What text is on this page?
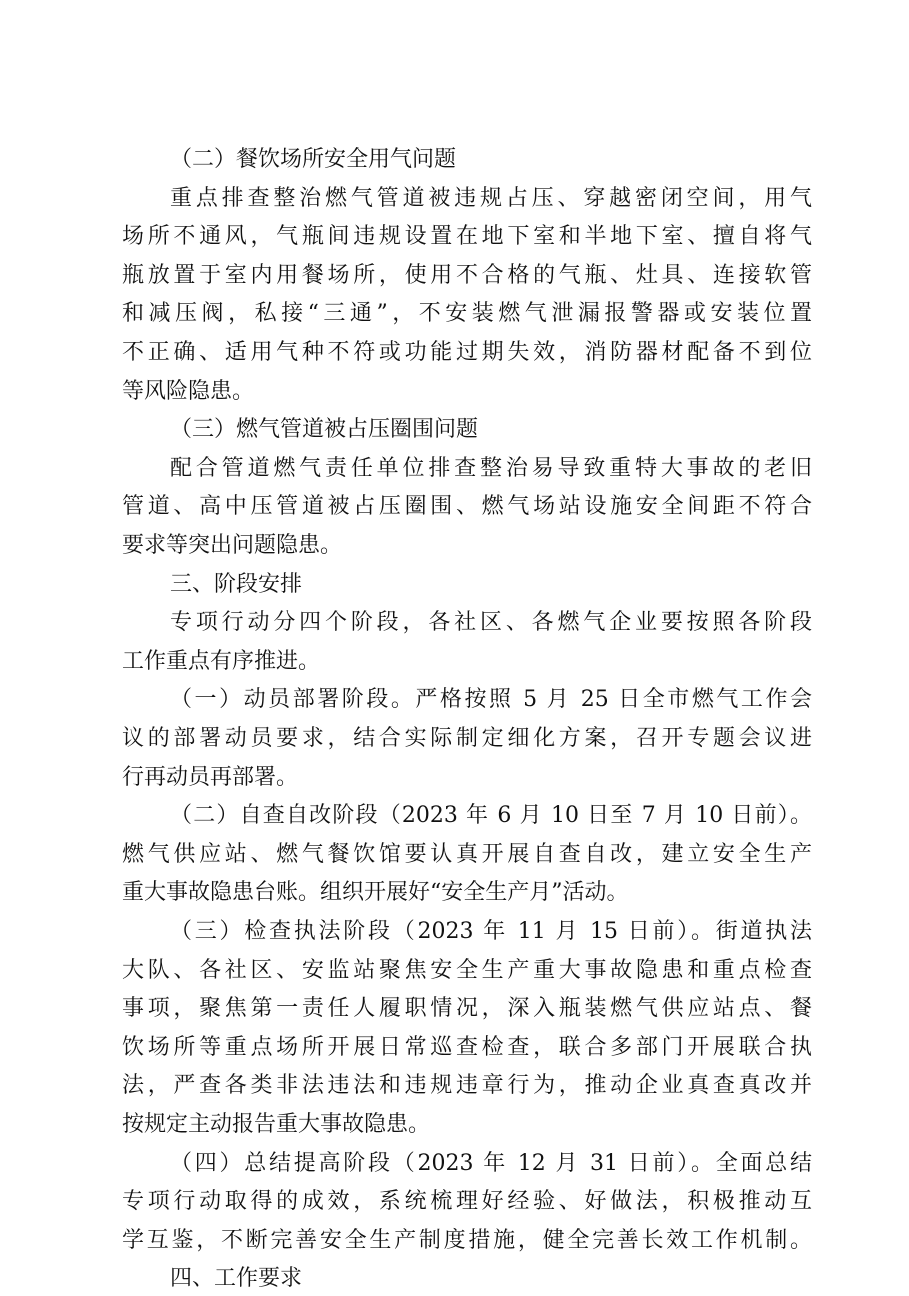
（二）餐饮场所安全用气问题
重点排查整治燃气管道被违规占压、穿越密闭空间，用气
场所不通风，气瓶间违规设置在地下室和半地下室、擅自将气
瓶放置于室内用餐场所，使用不合格的气瓶、灶具、连接软管
和减压阀，私接“三通”，不安装燃气泄漏报警器或安装位置
不正确、适用气种不符或功能过期失效，消防器材配备不到位
等风险隐患。
（三）燃气管道被占压圈围问题
配合管道燃气责任单位排查整治易导致重特大事故的老旧
管道、高中压管道被占压圈围、燃气场站设施安全间距不符合
要求等突出问题隐患。
三、阶段安排
专项行动分四个阶段，各社区、各燃气企业要按照各阶段
工作重点有序推进。
（一）动员部署阶段。严格按照 5 月 25 日全市燃气工作会
议的部署动员要求，结合实际制定细化方案，召开专题会议进
行再动员再部署。
（二）自查自改阶段（2023 年 6 月 10 日至 7 月 10 日前）。
燃气供应站、燃气餐饮馆要认真开展自查自改，建立安全生产
重大事故隐患台账。组织开展好“安全生产月”活动。
（三）检查执法阶段（2023 年 11 月 15 日前）。街道执法
大队、各社区、安监站聚焦安全生产重大事故隐患和重点检查
事项，聚焦第一责任人履职情况，深入瓶装燃气供应站点、餐
饮场所等重点场所开展日常巡查检查，联合多部门开展联合执
法，严查各类非法违法和违规违章行为，推动企业真查真改并
按规定主动报告重大事故隐患。
（四）总结提高阶段（2023 年 12 月 31 日前）。全面总结
专项行动取得的成效，系统梳理好经验、好做法，积极推动互
学互鉴，不断完善安全生产制度措施，健全完善长效工作机制。
四、工作要求
